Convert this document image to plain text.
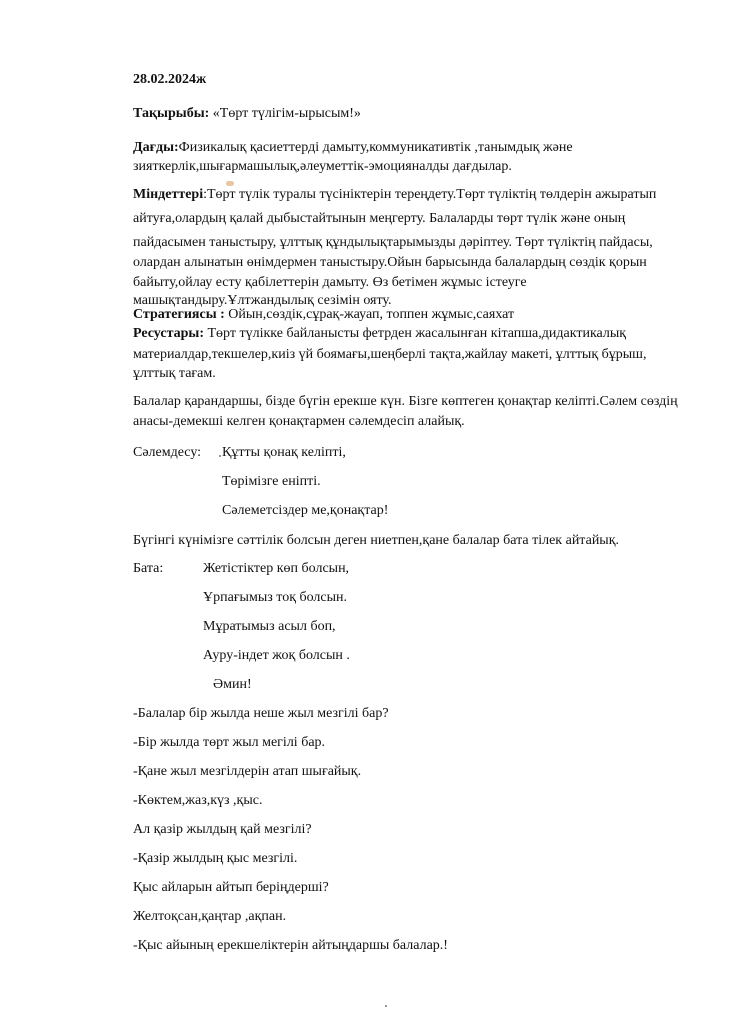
28.02.2024ж
Тақырыбы: «Төрт түлігім-ырысым!»
Дағды:Физикалық қасиеттерді дамыту,коммуникативтік ,танымдық және
зияткерлік,шығармашылық,әлеуметтік-эмоцияналды дағдылар.
Міндеттері:Төрт түлік туралы түсініктерін тереңдету.Төрт түліктің төлдерін ажыратып
айтуға,олардың қалай дыбыстайтынын меңгерту. Балаларды төрт түлік және оның
пайдасымен таныстыру, ұлттық құндылықтарымызды дәріптеу. Төрт түліктің пайдасы,
олардан алынатын өнімдермен таныстыру.Ойын барысында балалардың сөздік қорын
байыту,ойлау есту қабілеттерін дамыту. Өз бетімен жұмыс істеуге
машықтандыру.Ұлтжандылық сезімін ояту.
Стратегиясы : Ойын,сөздік,сұрақ-жауап, топпен жұмыс,саяхат
Ресустары: Төрт түлікке байланысты фетрден жасалынған кітапша,дидактикалық
материалдар,текшелер,киіз үй боямағы,шеңберлі тақта,жайлау макеті, ұлттық бұрыш,
ұлттық тағам.
Балалар қарандаршы, бізде бүгін ерекше күн. Бізге көптеген қонақтар келіпті.Сәлем сөздің
анасы-демекші келген қонақтармен сәлемдесіп алайық.
Сәлемдесу: Құтты қонақ келіпті,
Төрімізге еніпті.
Сәлеметсіздер ме,қонақтар!
Бүгінгі күнімізге сәттілік болсын деген ниетпен,қане балалар бата тілек айтайық.
Бата:	Жетістіктер көп болсын,
Ұрпағымыз тоқ болсын.
Мұратымыз асыл боп,
Ауру-індет жоқ болсын .
Әмин!
-Балалар бір жылда неше жыл мезгілі бар?
-Бір жылда төрт жыл мегілі бар.
-Қане жыл мезгілдерін атап шығайық.
-Көктем,жаз,күз ,қыс.
Ал қазір жылдың қай мезгілі?
-Қазір жылдың қыс мезгілі.
Қыс айларын айтып беріңдерші?
Желтоқсан,қаңтар ,ақпан.
-Қыс айының ерекшеліктерін айтыңдаршы балалар.!
